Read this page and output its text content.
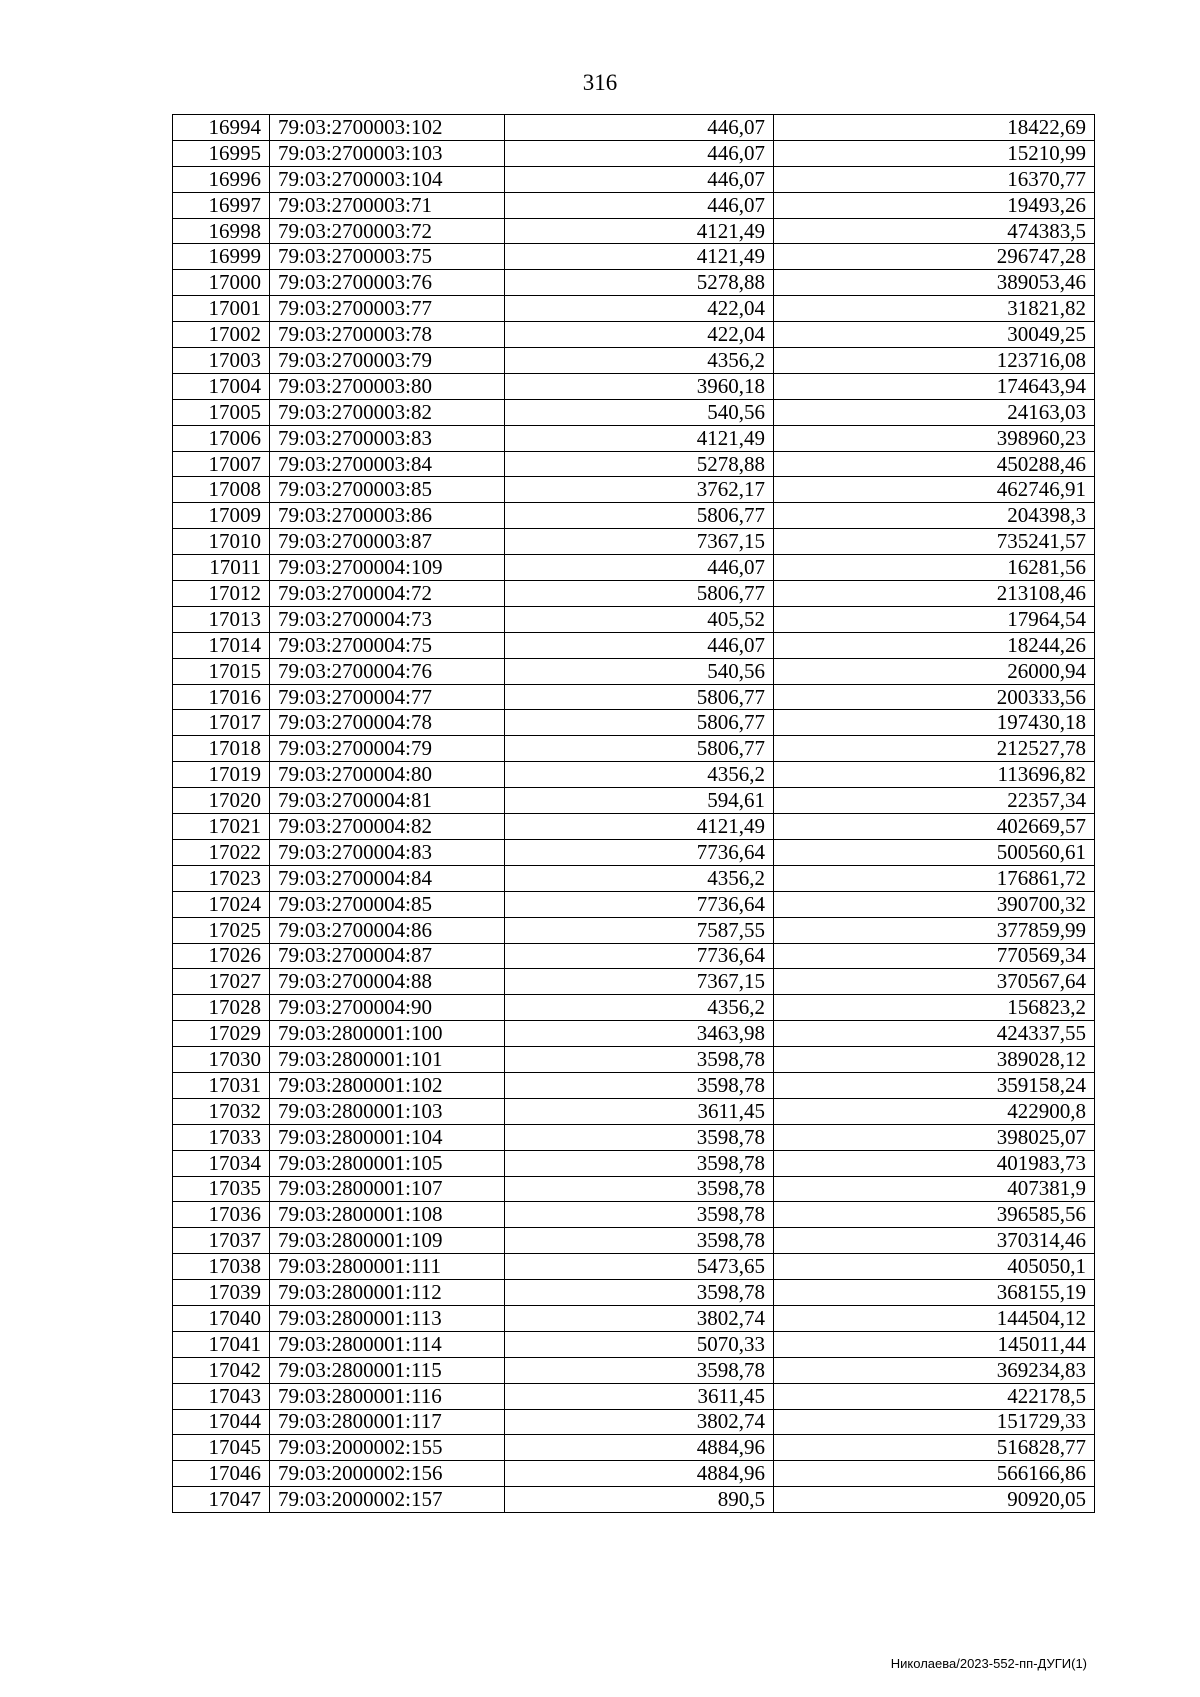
316
16994	79:03:2700003:102	446,07	18422,69
16995	79:03:2700003:103	446,07	15210,99
16996	79:03:2700003:104	446,07	16370,77
16997	79:03:2700003:71	446,07	19493,26
16998	79:03:2700003:72	4121,49	474383,5
16999	79:03:2700003:75	4121,49	296747,28
17000	79:03:2700003:76	5278,88	389053,46
17001	79:03:2700003:77	422,04	31821,82
17002	79:03:2700003:78	422,04	30049,25
17003	79:03:2700003:79	4356,2	123716,08
17004	79:03:2700003:80	3960,18	174643,94
17005	79:03:2700003:82	540,56	24163,03
17006	79:03:2700003:83	4121,49	398960,23
17007	79:03:2700003:84	5278,88	450288,46
17008	79:03:2700003:85	3762,17	462746,91
17009	79:03:2700003:86	5806,77	204398,3
17010	79:03:2700003:87	7367,15	735241,57
17011	79:03:2700004:109	446,07	16281,56
17012	79:03:2700004:72	5806,77	213108,46
17013	79:03:2700004:73	405,52	17964,54
17014	79:03:2700004:75	446,07	18244,26
17015	79:03:2700004:76	540,56	26000,94
17016	79:03:2700004:77	5806,77	200333,56
17017	79:03:2700004:78	5806,77	197430,18
17018	79:03:2700004:79	5806,77	212527,78
17019	79:03:2700004:80	4356,2	113696,82
17020	79:03:2700004:81	594,61	22357,34
17021	79:03:2700004:82	4121,49	402669,57
17022	79:03:2700004:83	7736,64	500560,61
17023	79:03:2700004:84	4356,2	176861,72
17024	79:03:2700004:85	7736,64	390700,32
17025	79:03:2700004:86	7587,55	377859,99
17026	79:03:2700004:87	7736,64	770569,34
17027	79:03:2700004:88	7367,15	370567,64
17028	79:03:2700004:90	4356,2	156823,2
17029	79:03:2800001:100	3463,98	424337,55
17030	79:03:2800001:101	3598,78	389028,12
17031	79:03:2800001:102	3598,78	359158,24
17032	79:03:2800001:103	3611,45	422900,8
17033	79:03:2800001:104	3598,78	398025,07
17034	79:03:2800001:105	3598,78	401983,73
17035	79:03:2800001:107	3598,78	407381,9
17036	79:03:2800001:108	3598,78	396585,56
17037	79:03:2800001:109	3598,78	370314,46
17038	79:03:2800001:111	5473,65	405050,1
17039	79:03:2800001:112	3598,78	368155,19
17040	79:03:2800001:113	3802,74	144504,12
17041	79:03:2800001:114	5070,33	145011,44
17042	79:03:2800001:115	3598,78	369234,83
17043	79:03:2800001:116	3611,45	422178,5
17044	79:03:2800001:117	3802,74	151729,33
17045	79:03:2000002:155	4884,96	516828,77
17046	79:03:2000002:156	4884,96	566166,86
17047	79:03:2000002:157	890,5	90920,05
Николаева/2023-552-пп-ДУГИ(1)
